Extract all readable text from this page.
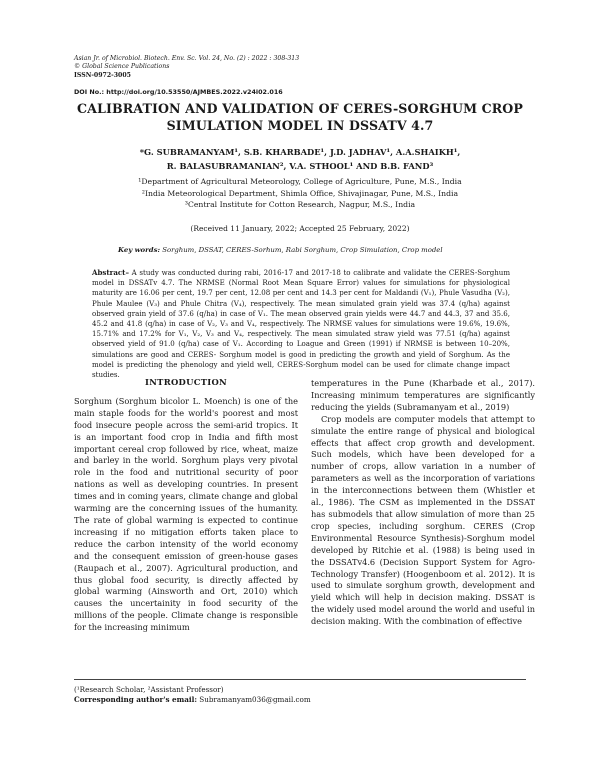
Asian Jr. of Microbiol. Biotech. Env. Sc. Vol. 24, No. (2) : 2022 : 308-313
© Global Science Publications
ISSN-0972-3005
DOI No.: http://doi.org/10.53550/AJMBES.2022.v24i02.016
CALIBRATION AND VALIDATION OF CERES-SORGHUM CROP
SIMULATION MODEL IN DSSATV 4.7
*G. SUBRAMANYAM¹, S.B. KHARBADE¹, J.D. JADHAV¹, A.A.SHAIKH¹,
R. BALASUBRAMANIAN², V.A. STHOOL¹ AND B.B. FAND³
¹Department of Agricultural Meteorology, College of Agriculture, Pune, M.S., India
²India Meteorological Department, Shimla Office, Shivajinagar, Pune, M.S., India
³Central Institute for Cotton Research, Nagpur, M.S., India
(Received 11 January, 2022; Accepted 25 February, 2022)
Key words: Sorghum, DSSAT, CERES-Sorhum, Rabi Sorghum, Crop Simulation, Crop model
Abstract– A study was conducted during rabi, 2016-17 and 2017-18 to calibrate and validate the CERES-Sorghum model in DSSATv 4.7. The NRMSE (Normal Root Mean Square Error) values for simulations for physiological maturity are 16.06 per cent, 19.7 per cent, 12.08 per cent and 14.3 per cent for Maldandi (V₁), Phule Vasudha (V₂), Phule Maulee (V₃) and Phule Chitra (V₄), respectively. The mean simulated grain yield was 37.4 (q/ha) against observed grain yield of 37.6 (q/ha) in case of V₁. The mean observed grain yields were 44.7 and 44.3, 37 and 35.6, 45.2 and 41.8 (q/ha) in case of V₂, V₃ and V₄, respectively. The NRMSE values for simulations were 19.6%, 19.6%, 15.71% and 17.2% for V₁, V₂, V₃ and V₄, respectively. The mean simulated straw yield was 77.51 (q/ha) against observed yield of 91.0 (q/ha) case of V₁. According to Loague and Green (1991) if NRMSE is between 10–20%, simulations are good and CERES- Sorghum model is good in predicting the growth and yield of Sorghum. As the model is predicting the phenology and yield well, CERES-Sorghum model can be used for climate change impact studies.
INTRODUCTION

Sorghum (Sorghum bicolor L. Moench) is one of the main staple foods for the world's poorest and most food insecure people across the semi-arid tropics. It is an important food crop in India and fifth most important cereal crop followed by rice, wheat, maize and barley in the world. Sorghum plays very pivotal role in the food and nutritional security of poor nations as well as developing countries. In present times and in coming years, climate change and global warming are the concerning issues of the humanity. The rate of global warming is expected to continue increasing if no mitigation efforts taken place to reduce the carbon intensity of the world economy and the consequent emission of green-house gases (Raupach et al., 2007). Agricultural production, and thus global food security, is directly affected by global warming (Ainsworth and Ort, 2010) which causes the uncertainity in food security of the millions of the people. Climate change is responsible for the increasing minimum

temperatures in the Pune (Kharbade et al., 2017). Increasing minimum temperatures are significantly reducing the yields (Subramanyam et al., 2019)

Crop models are computer models that attempt to simulate the entire range of physical and biological effects that affect crop growth and development. Such models, which have been developed for a number of crops, allow variation in a number of parameters as well as the incorporation of variations in the interconnections between them (Whistler et al., 1986). The CSM as implemented in the DSSAT has submodels that allow simulation of more than 25 crop species, including sorghum. CERES (Crop Environmental Resource Synthesis)-Sorghum model developed by Ritchie et al. (1988) is being used in the DSSATv4.6 (Decision Support System for Agro-Technology Transfer) (Hoogenboom et al. 2012). It is used to simulate sorghum growth, development and yield which will help in decision making. DSSAT is the widely used model around the world and useful in decision making. With the combination of effective

(¹Research Scholar, ²Assistant Professor)
Corresponding author's email: Subramanyam036@gmail.com
